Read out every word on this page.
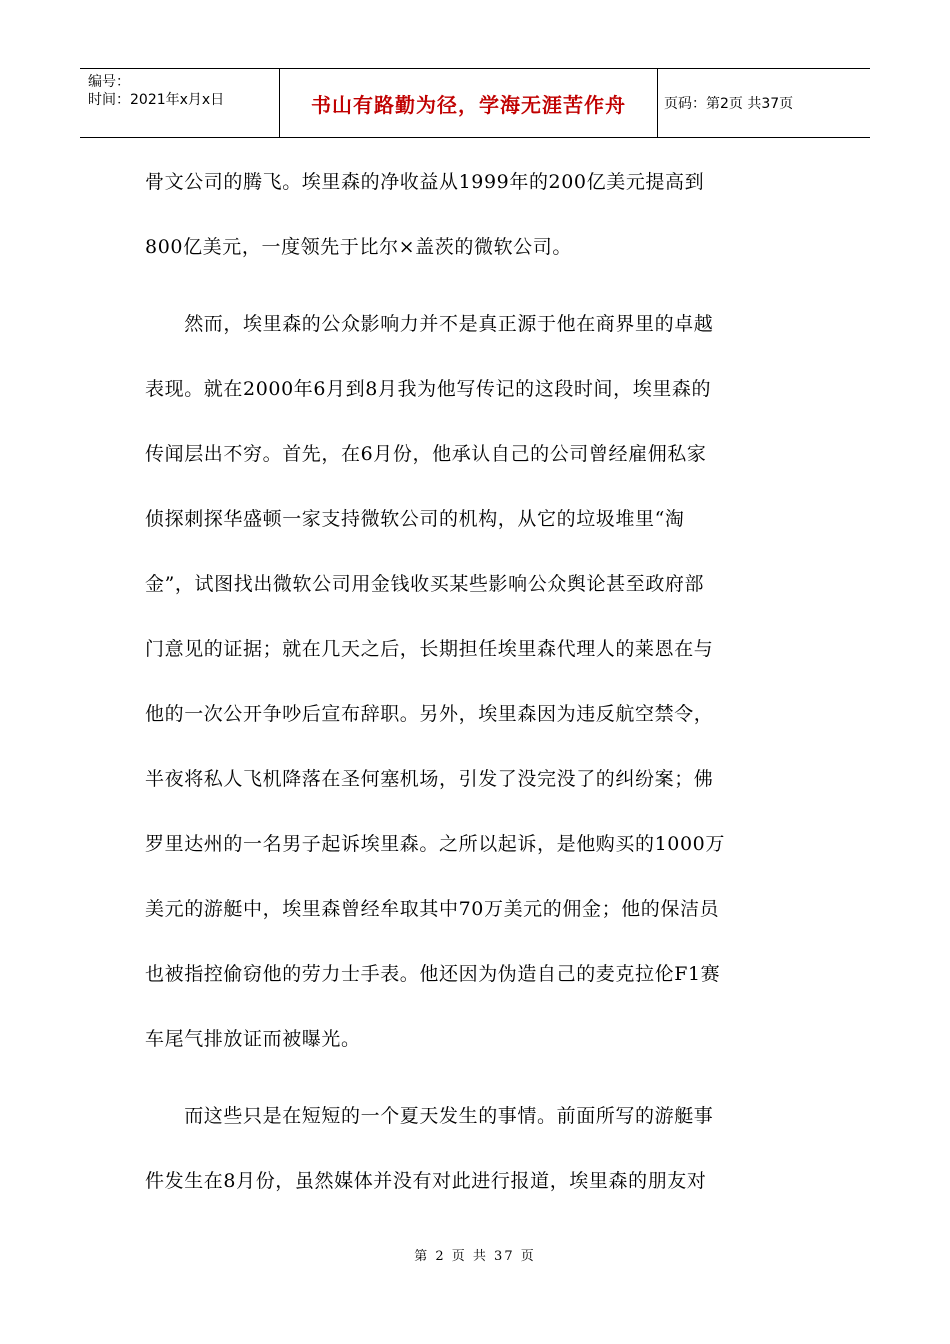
编号：
时间：2021年x月x日	书山有路勤为径，学海无涯苦作舟	页码：第2页 共37页
骨文公司的腾飞。埃里森的净收益从1999年的200亿美元提高到
800亿美元，一度领先于比尔×盖茨的微软公司。
　　然而，埃里森的公众影响力并不是真正源于他在商界里的卓越
表现。就在2000年6月到8月我为他写传记的这段时间，埃里森的
传闻层出不穷。首先，在6月份，他承认自己的公司曾经雇佣私家
侦探刺探华盛顿一家支持微软公司的机构，从它的垃圾堆里“淘
金”，试图找出微软公司用金钱收买某些影响公众舆论甚至政府部
门意见的证据；就在几天之后，长期担任埃里森代理人的莱恩在与
他的一次公开争吵后宣布辞职。另外，埃里森因为违反航空禁令，
半夜将私人飞机降落在圣何塞机场，引发了没完没了的纠纷案；佛
罗里达州的一名男子起诉埃里森。之所以起诉，是他购买的1000万
美元的游艇中，埃里森曾经牟取其中70万美元的佣金；他的保洁员
也被指控偷窃他的劳力士手表。他还因为伪造自己的麦克拉伦F1赛
车尾气排放证而被曝光。
　　而这些只是在短短的一个夏天发生的事情。前面所写的游艇事
件发生在8月份，虽然媒体并没有对此进行报道，埃里森的朋友对
第 2 页 共 37 页
